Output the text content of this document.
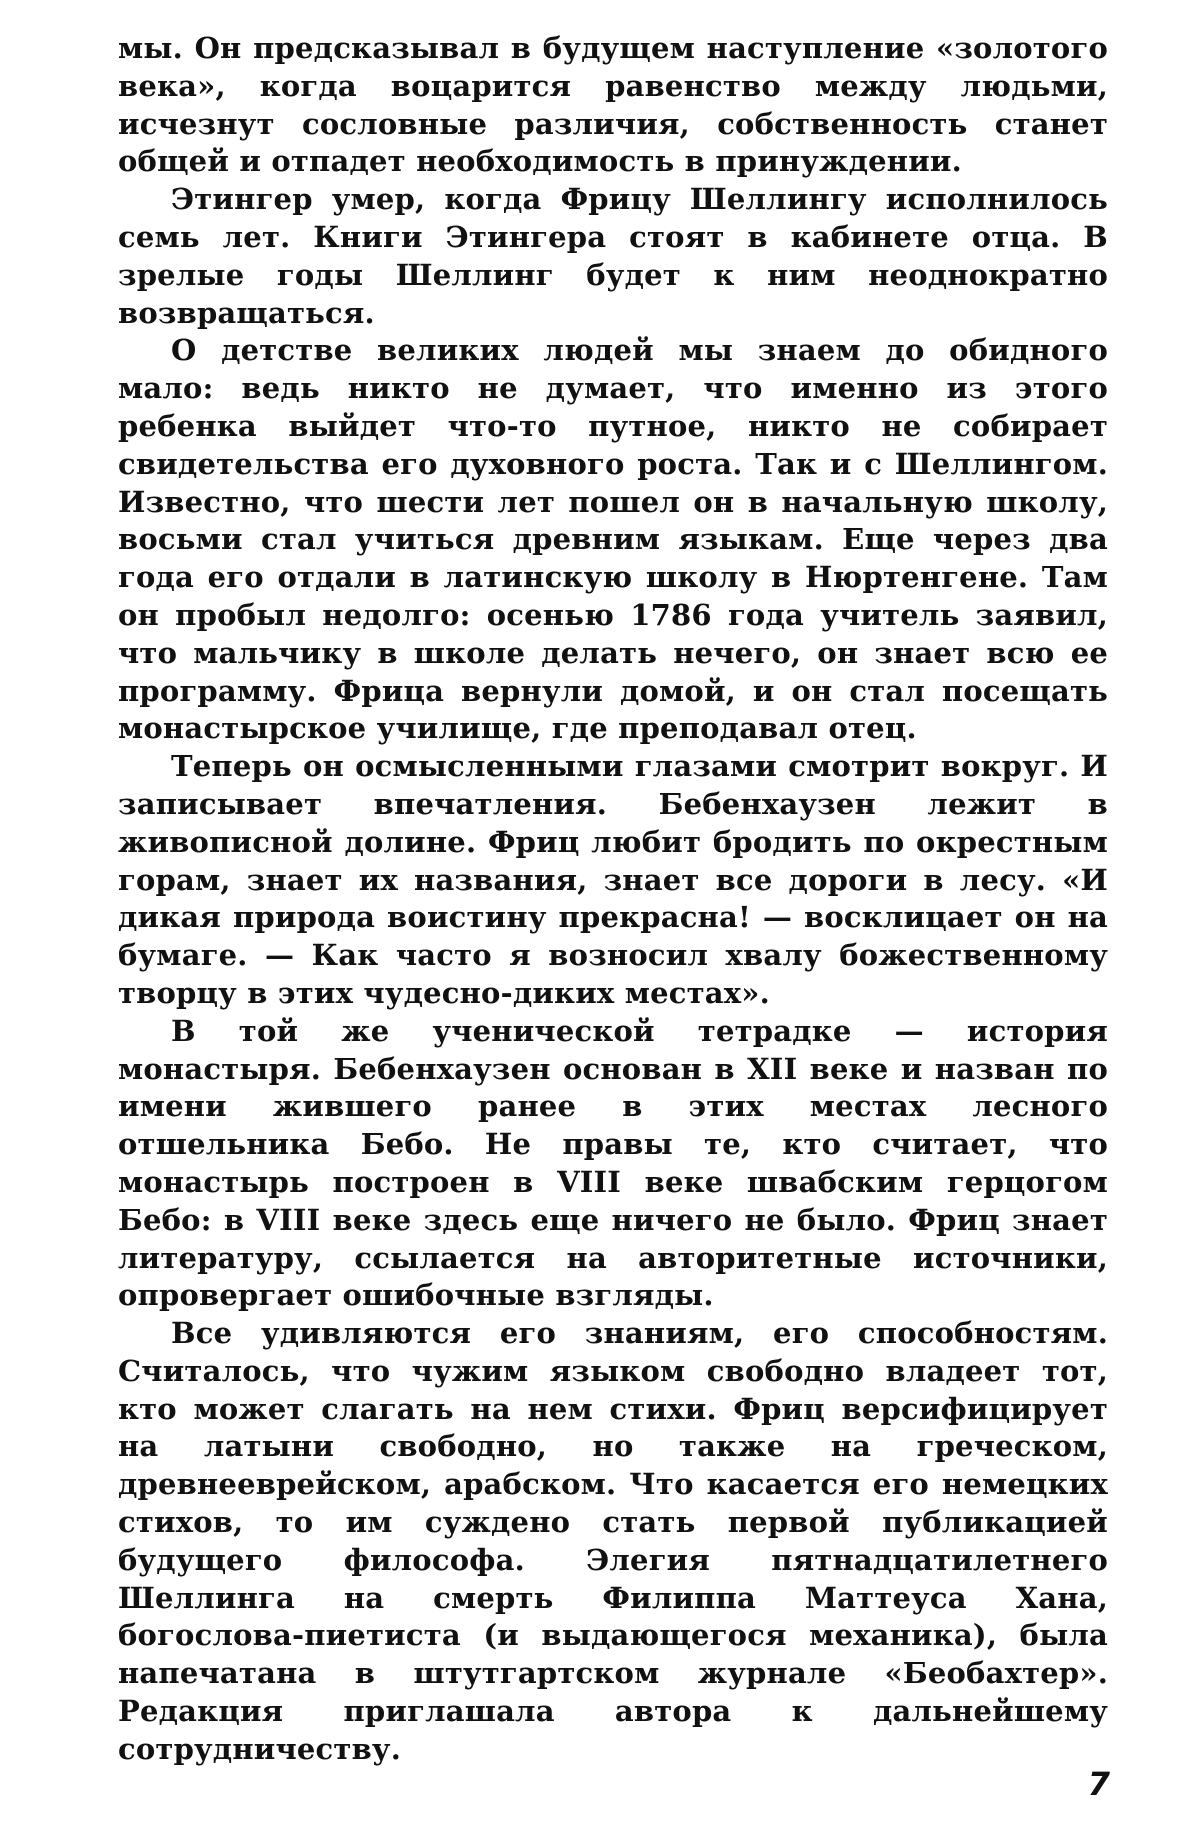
мы. Он предсказывал в будущем наступление «золотого века», когда воцарится равенство между людьми, исчезнут сословные различия, собственность станет общей и отпадет необходимость в принуждении.

Этингер умер, когда Фрицу Шеллингу исполнилось семь лет. Книги Этингера стоят в кабинете отца. В зрелые годы Шеллинг будет к ним неоднократно возвращаться.

О детстве великих людей мы знаем до обидного мало: ведь никто не думает, что именно из этого ребенка выйдет что-то путное, никто не собирает свидетельства его духовного роста. Так и с Шеллингом. Известно, что шести лет пошел он в начальную школу, восьми стал учиться древним языкам. Еще через два года его отдали в латинскую школу в Нюртенгене. Там он пробыл недолго: осенью 1786 года учитель заявил, что мальчику в школе делать нечего, он знает всю ее программу. Фрица вернули домой, и он стал посещать монастырское училище, где преподавал отец.

Теперь он осмысленными глазами смотрит вокруг. И записывает впечатления. Бебенхаузен лежит в живописной долине. Фриц любит бродить по окрестным горам, знает их названия, знает все дороги в лесу. «И дикая природа воистину прекрасна! — восклицает он на бумаге. — Как часто я возносил хвалу божественному творцу в этих чудесно-диких местах».

В той же ученической тетрадке — история монастыря. Бебенхаузен основан в XII веке и назван по имени жившего ранее в этих местах лесного отшельника Бебо. Не правы те, кто считает, что монастырь построен в VIII веке швабским герцогом Бебо: в VIII веке здесь еще ничего не было. Фриц знает литературу, ссылается на авторитетные источники, опровергает ошибочные взгляды.

Все удивляются его знаниям, его способностям. Считалось, что чужим языком свободно владеет тот, кто может слагать на нем стихи. Фриц версифицирует на латыни свободно, но также на греческом, древнееврейском, арабском. Что касается его немецких стихов, то им суждено стать первой публикацией будущего философа. Элегия пятнадцатилетнего Шеллинга на смерть Филиппа Маттеуса Хана, богослова-пиетиста (и выдающегося механика), была напечатана в штутгартском журнале «Беобахтер». Редакция приглашала автора к дальнейшему сотрудничеству.

7
